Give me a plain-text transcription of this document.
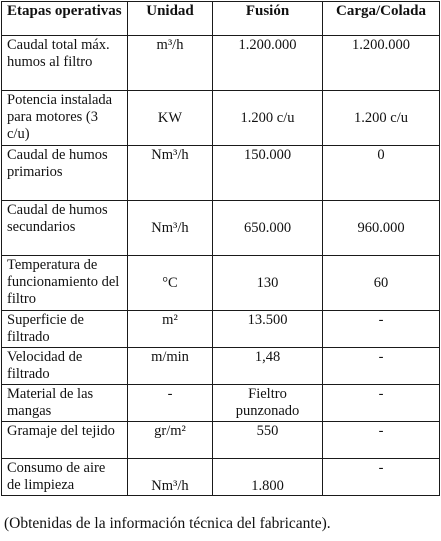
Etapas operativas	Unidad	Fusión	Carga/Colada
Caudal total máx. humos al filtro	m³/h	1.200.000	1.200.000
Potencia instalada para motores (3 c/u)	KW	1.200 c/u	1.200 c/u
Caudal de humos primarios	Nm³/h	150.000	0
Caudal de humos secundarios	Nm³/h	650.000	960.000
Temperatura de funcionamiento del filtro	°C	130	60
Superficie de filtrado	m²	13.500	-
Velocidad de filtrado	m/min	1,48	-
Material de las mangas	-	Fieltro punzonado	-
Gramaje del tejido	gr/m²	550	-
Consumo de aire de limpieza	Nm³/h	1.800	-
(Obtenidas de la información técnica del fabricante).
